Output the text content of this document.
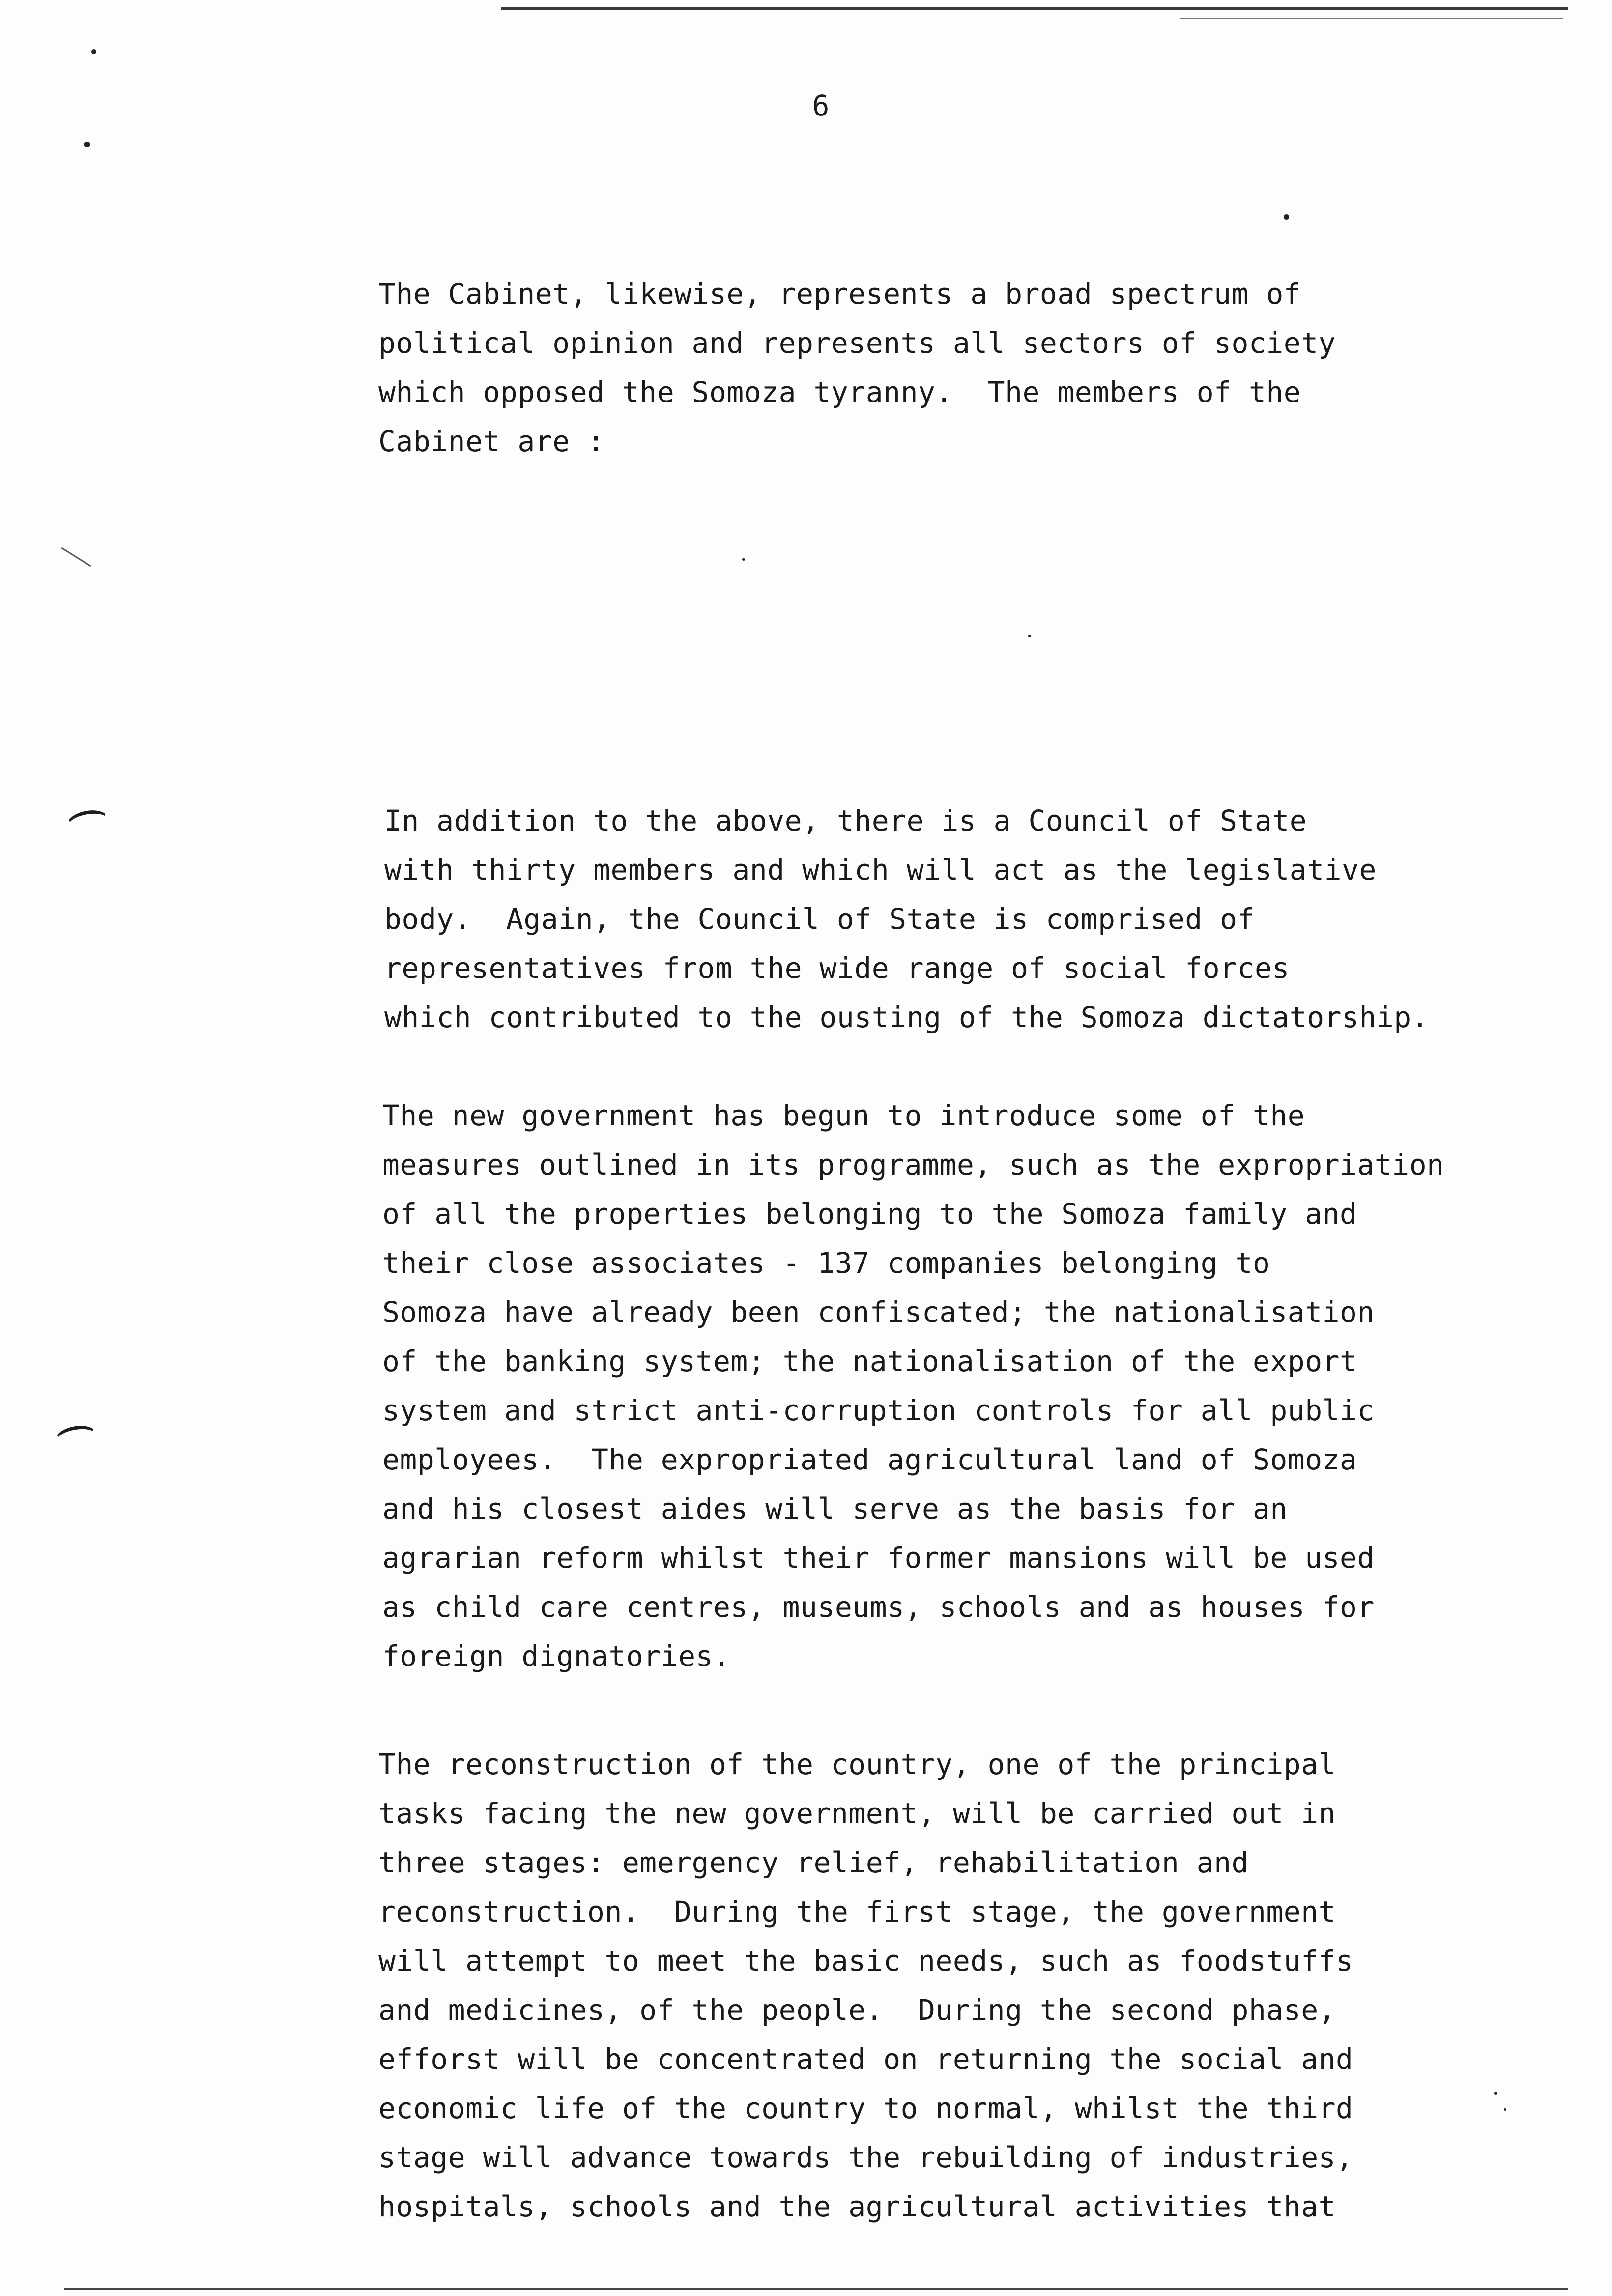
6
The Cabinet, likewise, represents a broad spectrum of
political opinion and represents all sectors of society
which opposed the Somoza tyranny.  The members of the
Cabinet are :
In addition to the above, there is a Council of State
with thirty members and which will act as the legislative
body.  Again, the Council of State is comprised of
representatives from the wide range of social forces
which contributed to the ousting of the Somoza dictatorship.
The new government has begun to introduce some of the
measures outlined in its programme, such as the expropriation
of all the properties belonging to the Somoza family and
their close associates - 137 companies belonging to
Somoza have already been confiscated; the nationalisation
of the banking system; the nationalisation of the export
system and strict anti-corruption controls for all public
employees.  The expropriated agricultural land of Somoza
and his closest aides will serve as the basis for an
agrarian reform whilst their former mansions will be used
as child care centres, museums, schools and as houses for
foreign dignatories.
The reconstruction of the country, one of the principal
tasks facing the new government, will be carried out in
three stages: emergency relief, rehabilitation and
reconstruction.  During the first stage, the government
will attempt to meet the basic needs, such as foodstuffs
and medicines, of the people.  During the second phase,
efforst will be concentrated on returning the social and
economic life of the country to normal, whilst the third
stage will advance towards the rebuilding of industries,
hospitals, schools and the agricultural activities that
